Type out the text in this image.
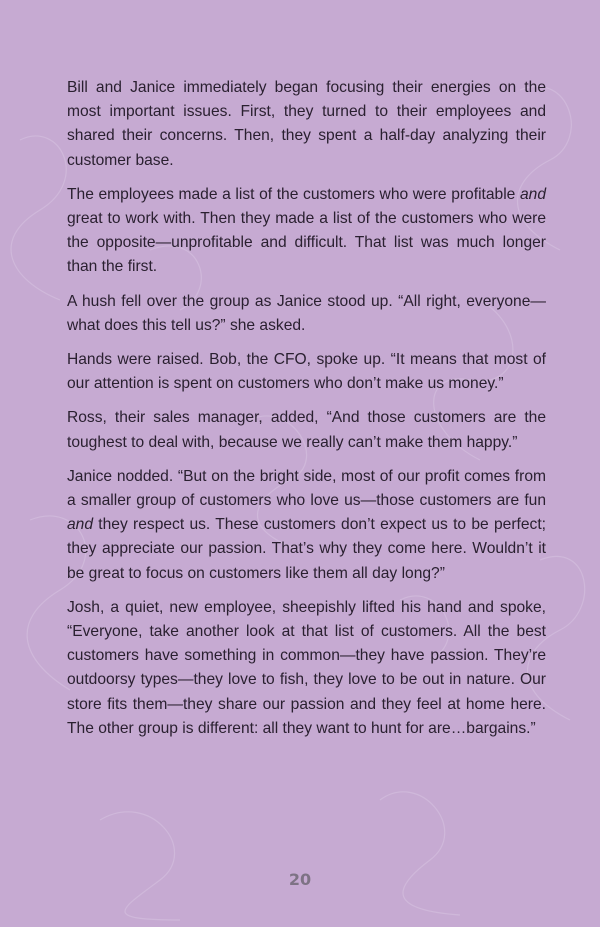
Bill and Janice immediately began focusing their energies on the most important issues. First, they turned to their employees and shared their concerns. Then, they spent a half-day analyzing their customer base.

The employees made a list of the customers who were profitable and great to work with. Then they made a list of the customers who were the opposite—unprofitable and difficult. That list was much longer than the first.

A hush fell over the group as Janice stood up. “All right, everyone—what does this tell us?” she asked.

Hands were raised. Bob, the CFO, spoke up. “It means that most of our attention is spent on customers who don’t make us money.”

Ross, their sales manager, added, “And those customers are the toughest to deal with, because we really can’t make them happy.”

Janice nodded. “But on the bright side, most of our profit comes from a smaller group of customers who love us—those customers are fun and they respect us. These customers don’t expect us to be perfect; they appreciate our passion. That’s why they come here. Wouldn’t it be great to focus on customers like them all day long?”

Josh, a quiet, new employee, sheepishly lifted his hand and spoke, “Everyone, take another look at that list of customers. All the best customers have something in common—they have passion. They’re outdoorsy types—they love to fish, they love to be out in nature. Our store fits them—they share our passion and they feel at home here. The other group is different: all they want to hunt for are…bargains.”

20
